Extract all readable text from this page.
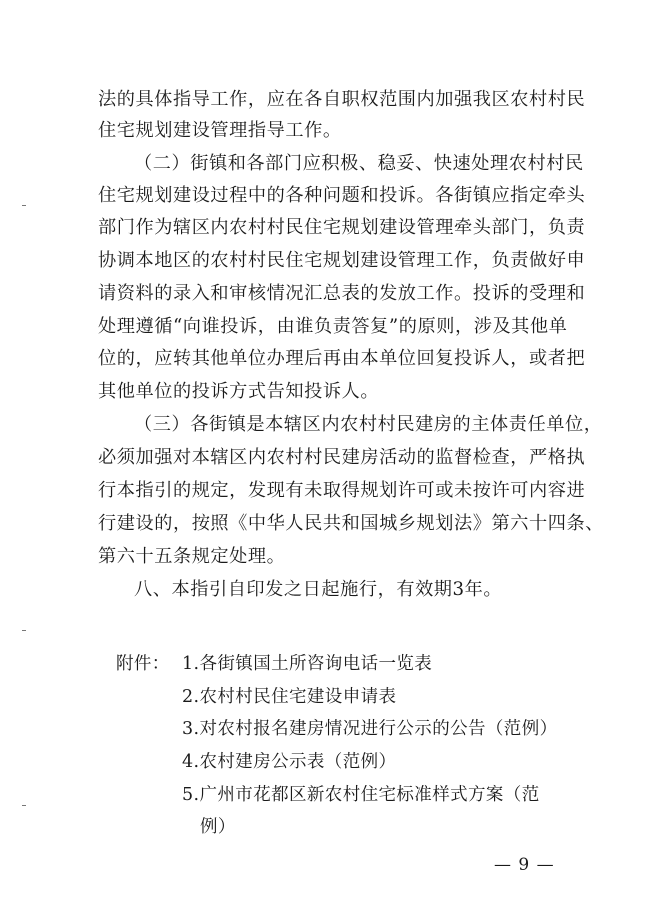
法的具体指导工作，应在各自职权范围内加强我区农村村民
住宅规划建设管理指导工作。
（二）街镇和各部门应积极、稳妥、快速处理农村村民
住宅规划建设过程中的各种问题和投诉。各街镇应指定牵头
部门作为辖区内农村村民住宅规划建设管理牵头部门，负责
协调本地区的农村村民住宅规划建设管理工作，负责做好申
请资料的录入和审核情况汇总表的发放工作。投诉的受理和
处理遵循“向谁投诉，由谁负责答复”的原则，涉及其他单
位的，应转其他单位办理后再由本单位回复投诉人，或者把
其他单位的投诉方式告知投诉人。
（三）各街镇是本辖区内农村村民建房的主体责任单位，
必须加强对本辖区内农村村民建房活动的监督检查，严格执
行本指引的规定，发现有未取得规划许可或未按许可内容进
行建设的，按照《中华人民共和国城乡规划法》第六十四条、
第六十五条规定处理。
八、本指引自印发之日起施行，有效期3年。
附件： 1.各街镇国土所咨询电话一览表
2.农村村民住宅建设申请表
3.对农村报名建房情况进行公示的公告（范例）
4.农村建房公示表（范例）
5.广州市花都区新农村住宅标准样式方案（范
例）
— 9 —
